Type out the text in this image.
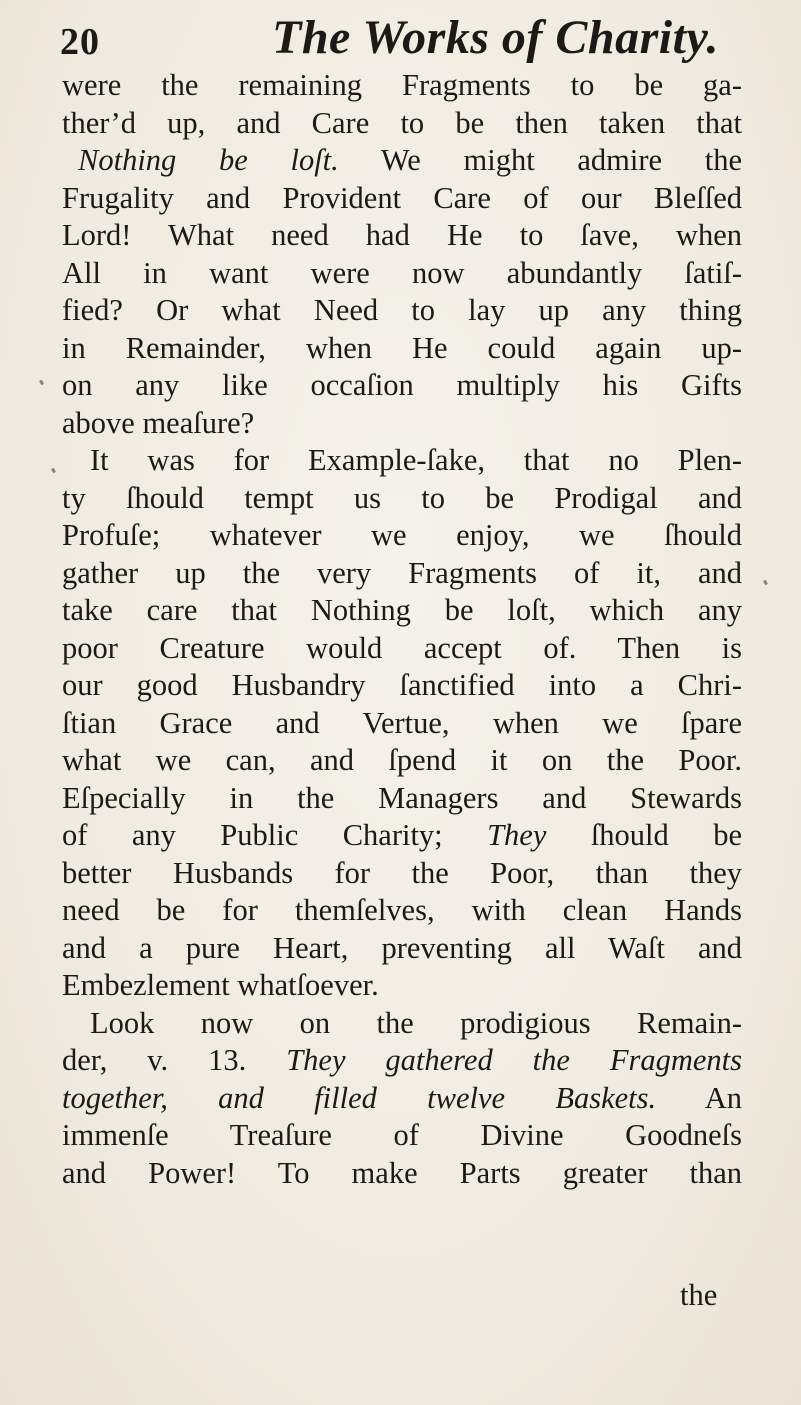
20	The Works of Charity.
were the remaining Fragments to be ga-
ther’d up, and Care to be then taken that
Nothing be loſt. We might admire the
Frugality and Provident Care of our Bleſſed
Lord! What need had He to ſave, when
All in want were now abundantly ſatiſ-
fied? Or what Need to lay up any thing
in Remainder, when He could again up-
on any like occaſion multiply his Gifts
above meaſure?
It was for Example-ſake, that no Plen-
ty ſhould tempt us to be Prodigal and
Profuſe; whatever we enjoy, we ſhould
gather up the very Fragments of it, and
take care that Nothing be loſt, which any
poor Creature would accept of. Then is
our good Husbandry ſanctified into a Chri-
ſtian Grace and Vertue, when we ſpare
what we can, and ſpend it on the Poor.
Eſpecially in the Managers and Stewards
of any Public Charity; They ſhould be
better Husbands for the Poor, than they
need be for themſelves, with clean Hands
and a pure Heart, preventing all Waſt and
Embezlement whatſoever.
Look now on the prodigious Remain-
der, v. 13. They gathered the Fragments
together, and filled twelve Baskets. An
immenſe Treaſure of Divine Goodneſs
and Power! To make Parts greater than
the
